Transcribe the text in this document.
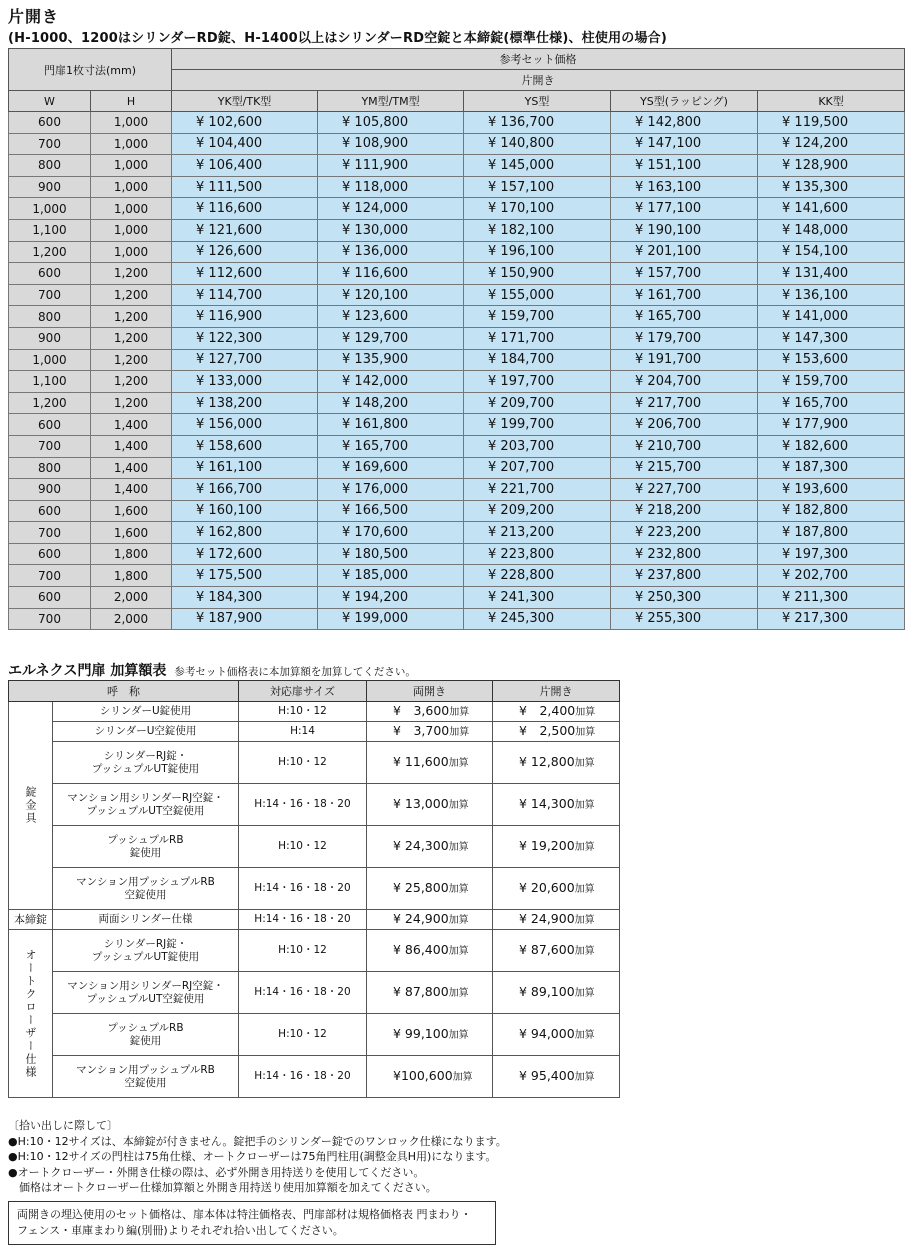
片開き
(H-1000、1200はシリンダーRD錠、H-1400以上はシリンダーRD空錠と本締錠(標準仕様)、柱使用の場合)
門扉1枚寸法(mm)		参考セット価格				
		片開き				
W	H	YK型/TK型	YM型/TM型	YS型	YS型(ラッピング)	KK型
600	1,000	¥ 102,600	¥ 105,800	¥ 136,700	¥ 142,800	¥ 119,500
700	1,000	¥ 104,400	¥ 108,900	¥ 140,800	¥ 147,100	¥ 124,200
800	1,000	¥ 106,400	¥ 111,900	¥ 145,000	¥ 151,100	¥ 128,900
900	1,000	¥ 111,500	¥ 118,000	¥ 157,100	¥ 163,100	¥ 135,300
1,000	1,000	¥ 116,600	¥ 124,000	¥ 170,100	¥ 177,100	¥ 141,600
1,100	1,000	¥ 121,600	¥ 130,000	¥ 182,100	¥ 190,100	¥ 148,000
1,200	1,000	¥ 126,600	¥ 136,000	¥ 196,100	¥ 201,100	¥ 154,100
600	1,200	¥ 112,600	¥ 116,600	¥ 150,900	¥ 157,700	¥ 131,400
700	1,200	¥ 114,700	¥ 120,100	¥ 155,000	¥ 161,700	¥ 136,100
800	1,200	¥ 116,900	¥ 123,600	¥ 159,700	¥ 165,700	¥ 141,000
900	1,200	¥ 122,300	¥ 129,700	¥ 171,700	¥ 179,700	¥ 147,300
1,000	1,200	¥ 127,700	¥ 135,900	¥ 184,700	¥ 191,700	¥ 153,600
1,100	1,200	¥ 133,000	¥ 142,000	¥ 197,700	¥ 204,700	¥ 159,700
1,200	1,200	¥ 138,200	¥ 148,200	¥ 209,700	¥ 217,700	¥ 165,700
600	1,400	¥ 156,000	¥ 161,800	¥ 199,700	¥ 206,700	¥ 177,900
700	1,400	¥ 158,600	¥ 165,700	¥ 203,700	¥ 210,700	¥ 182,600
800	1,400	¥ 161,100	¥ 169,600	¥ 207,700	¥ 215,700	¥ 187,300
900	1,400	¥ 166,700	¥ 176,000	¥ 221,700	¥ 227,700	¥ 193,600
600	1,600	¥ 160,100	¥ 166,500	¥ 209,200	¥ 218,200	¥ 182,800
700	1,600	¥ 162,800	¥ 170,600	¥ 213,200	¥ 223,200	¥ 187,800
600	1,800	¥ 172,600	¥ 180,500	¥ 223,800	¥ 232,800	¥ 197,300
700	1,800	¥ 175,500	¥ 185,000	¥ 228,800	¥ 237,800	¥ 202,700
600	2,000	¥ 184,300	¥ 194,200	¥ 241,300	¥ 250,300	¥ 211,300
700	2,000	¥ 187,900	¥ 199,000	¥ 245,300	¥ 255,300	¥ 217,300
エルネクス門扉 加算額表 参考セット価格表に本加算額を加算してください。
呼　称		対応扉サイズ	両開き	片開き
錠金具	シリンダーU錠使用	H:10・12	¥　3,600加算	¥　2,400加算

	シリンダーU空錠使用	H:14	¥　3,700加算	¥　2,500加算

	シリンダーRJ錠・
プッシュプルUT錠使用	H:10・12	¥ 11,600加算	¥ 12,800加算

	マンション用シリンダーRJ空錠・
プッシュプルUT空錠使用	H:14・16・18・20	¥ 13,000加算	¥ 14,300加算

	プッシュプルRB
錠使用	H:10・12	¥ 24,300加算	¥ 19,200加算

	マンション用プッシュプルRB
空錠使用	H:14・16・18・20	¥ 25,800加算	¥ 20,600加算
本締錠	両面シリンダー仕様	H:14・16・18・20	¥ 24,900加算	¥ 24,900加算
オートクローザー仕様	シリンダーRJ錠・
プッシュプルUT錠使用	H:10・12	¥ 86,400加算	¥ 87,600加算

	マンション用シリンダーRJ空錠・
プッシュプルUT空錠使用	H:14・16・18・20	¥ 87,800加算	¥ 89,100加算

	プッシュプルRB
錠使用	H:10・12	¥ 99,100加算	¥ 94,000加算

	マンション用プッシュプルRB
空錠使用	H:14・16・18・20	¥100,600加算	¥ 95,400加算
〔拾い出しに際して〕
●H:10・12サイズは、本締錠が付きません。錠把手のシリンダー錠でのワンロック仕様になります。
●H:10・12サイズの門柱は75角仕様、オートクローザーは75角門柱用(調整金具H用)になります。
●オートクローザー・外開き仕様の際は、必ず外開き用持送りを使用してください。
　価格はオートクローザー仕様加算額と外開き用持送り使用加算額を加えてください。
両開きの埋込使用のセット価格は、扉本体は特注価格表、門扉部材は規格価格表 門まわり・
フェンス・車庫まわり編(別冊)よりそれぞれ拾い出してください。
